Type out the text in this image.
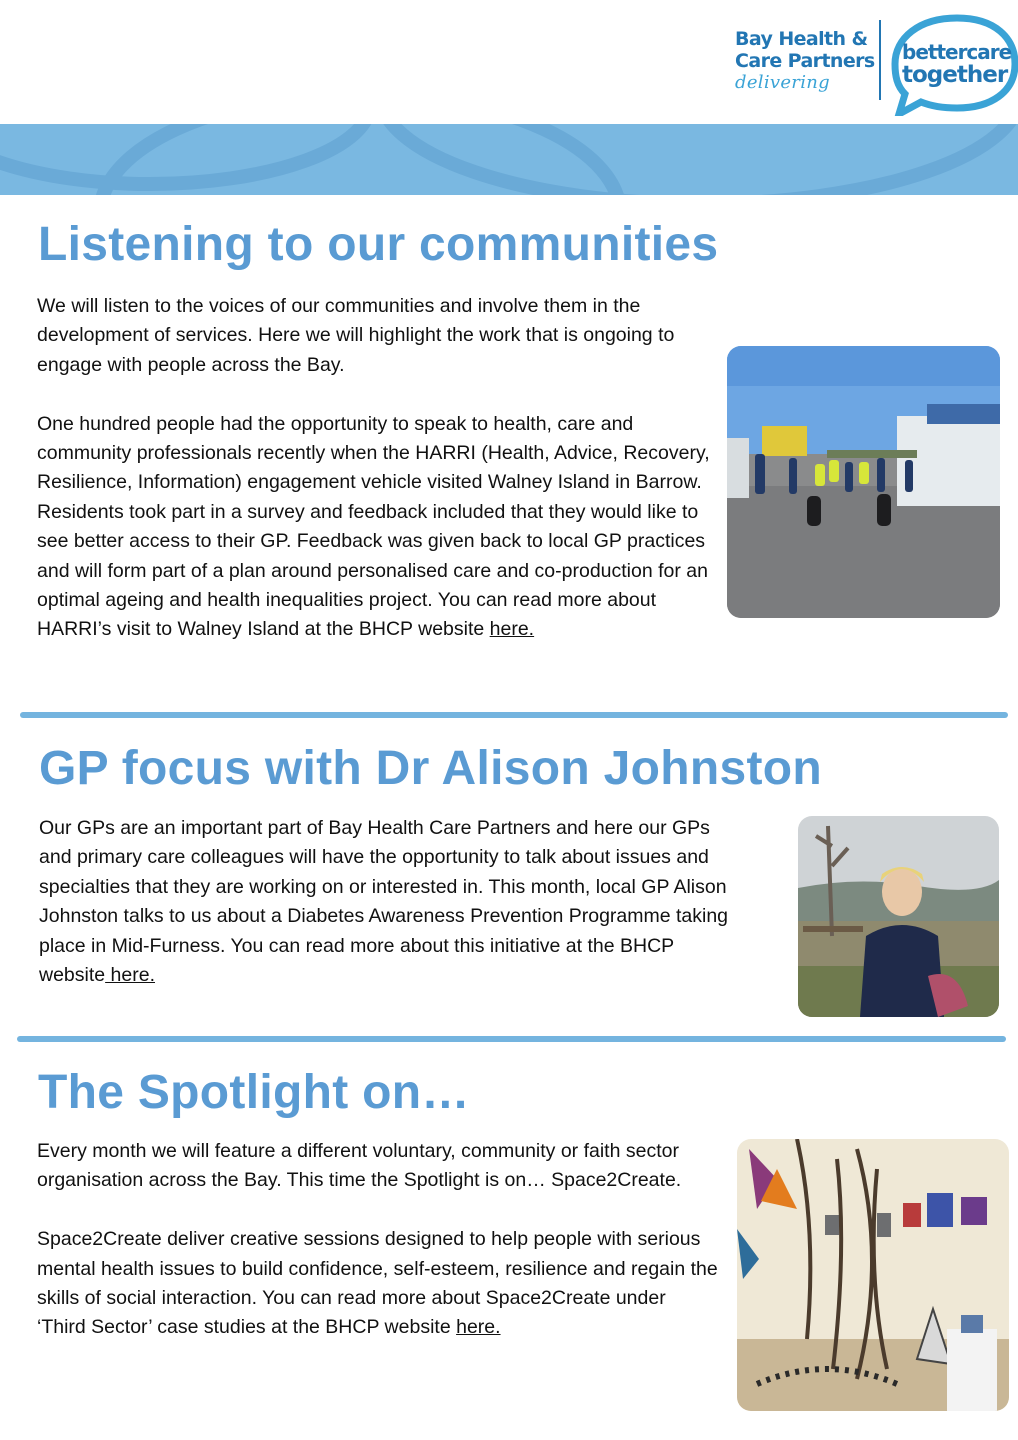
Bay Health &
Care Partners
delivering
bettercare
together
Listening to our communities

We will listen to the voices of our communities and involve them in the development of services. Here we will highlight the work that is ongoing to engage with people across the Bay.

One hundred people had the opportunity to speak to health, care and community professionals recently when the HARRI (Health, Advice, Recovery, Resilience, Information) engagement vehicle visited Walney Island in Barrow. Residents took part in a survey and feedback included that they would like to see better access to their GP. Feedback was given back to local GP practices and will form part of a plan around personalised care and co-production for an optimal ageing and health inequalities project. You can read more about HARRI’s visit to Walney Island at the BHCP website here.

GP focus with Dr Alison Johnston

Our GPs are an important part of Bay Health Care Partners and here our GPs and primary care colleagues will have the opportunity to talk about issues and specialties that they are working on or interested in. This month, local GP Alison Johnston talks to us about a Diabetes Awareness Prevention Programme taking place in Mid-Furness. You can read more about this initiative at the BHCP website here.

The Spotlight on…

Every month we will feature a different voluntary, community or faith sector organisation across the Bay. This time the Spotlight is on… Space2Create.

Space2Create deliver creative sessions designed to help people with serious mental health issues to build confidence, self-esteem, resilience and regain the skills of social interaction. You can read more about Space2Create under ‘Third Sector’ case studies at the BHCP website here.
